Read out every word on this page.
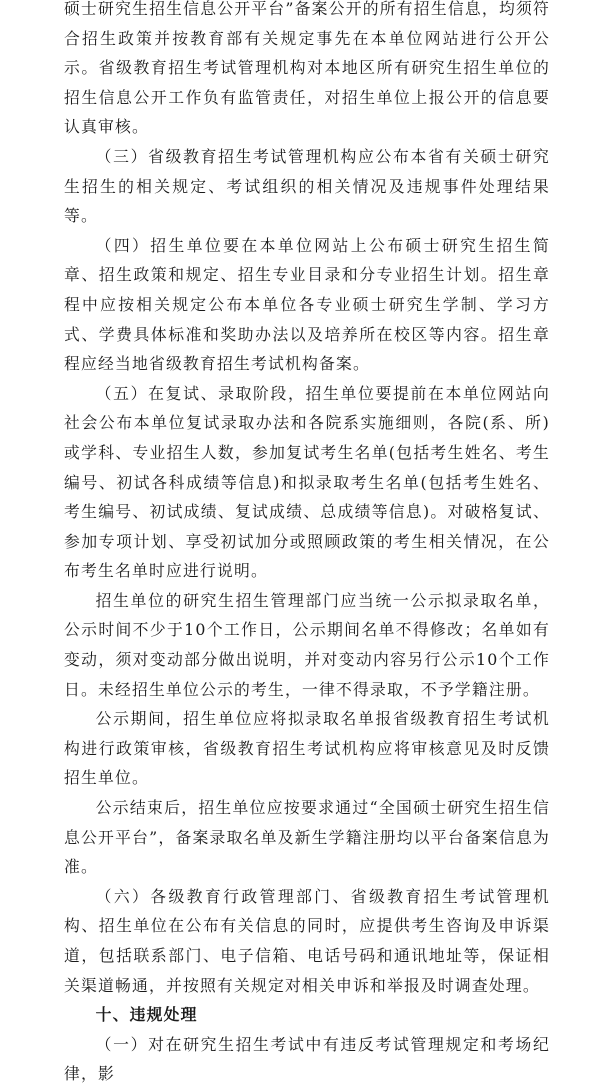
硕士研究生招生信息公开平台”备案公开的所有招生信息，均须符合招生政策并按教育部有关规定事先在本单位网站进行公开公示。省级教育招生考试管理机构对本地区所有研究生招生单位的招生信息公开工作负有监管责任，对招生单位上报公开的信息要认真审核。

（三）省级教育招生考试管理机构应公布本省有关硕士研究生招生的相关规定、考试组织的相关情况及违规事件处理结果等。

（四）招生单位要在本单位网站上公布硕士研究生招生简章、招生政策和规定、招生专业目录和分专业招生计划。招生章程中应按相关规定公布本单位各专业硕士研究生学制、学习方式、学费具体标准和奖助办法以及培养所在校区等内容。招生章程应经当地省级教育招生考试机构备案。

（五）在复试、录取阶段，招生单位要提前在本单位网站向社会公布本单位复试录取办法和各院系实施细则，各院(系、所)或学科、专业招生人数，参加复试考生名单(包括考生姓名、考生编号、初试各科成绩等信息)和拟录取考生名单(包括考生姓名、考生编号、初试成绩、复试成绩、总成绩等信息)。对破格复试、参加专项计划、享受初试加分或照顾政策的考生相关情况，在公布考生名单时应进行说明。

招生单位的研究生招生管理部门应当统一公示拟录取名单，公示时间不少于10个工作日，公示期间名单不得修改；名单如有变动，须对变动部分做出说明，并对变动内容另行公示10个工作日。未经招生单位公示的考生，一律不得录取，不予学籍注册。

公示期间，招生单位应将拟录取名单报省级教育招生考试机构进行政策审核，省级教育招生考试机构应将审核意见及时反馈招生单位。

公示结束后，招生单位应按要求通过“全国硕士研究生招生信息公开平台”，备案录取名单及新生学籍注册均以平台备案信息为准。

（六）各级教育行政管理部门、省级教育招生考试管理机构、招生单位在公布有关信息的同时，应提供考生咨询及申诉渠道，包括联系部门、电子信箱、电话号码和通讯地址等，保证相关渠道畅通，并按照有关规定对相关申诉和举报及时调查处理。

十、违规处理

（一）对在研究生招生考试中有违反考试管理规定和考场纪律，影
